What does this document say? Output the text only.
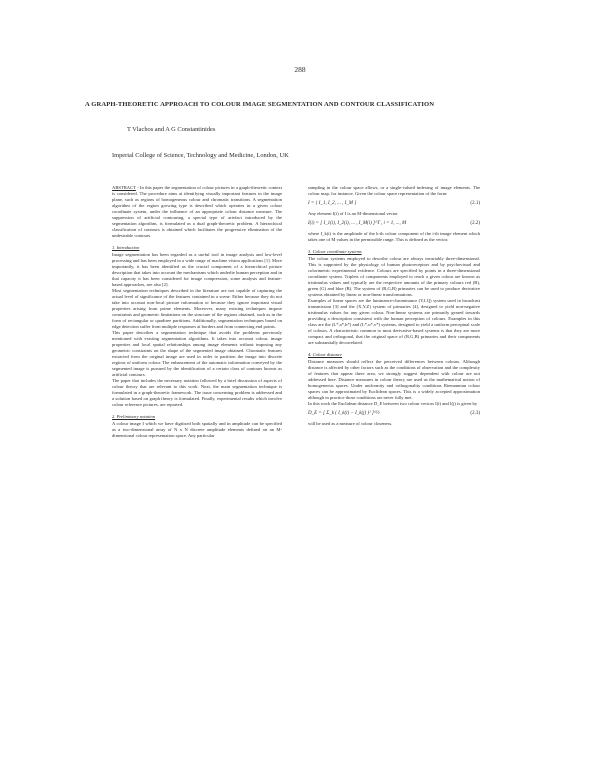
288
A GRAPH-THEORETIC APPROACH TO COLOUR IMAGE SEGMENTATION AND CONTOUR CLASSIFICATION
T Vlachos and A G Constantinides
Imperial College of Science, Technology and Medicine, London, UK

ABSTRACT - In this paper the segmentation of colour pictures in a graph-theoretic context is considered. The procedure aims at identifying visually important features in the image plane, such as regions of homogeneous colour and chromatic transitions. A segmentation algorithm of the region growing type is described which operates in a given colour coordinate system, under the influence of an appropriate colour distance measure. The suppression of artificial contouring, a special type of artefact introduced by the segmentation algorithm, is formulated as a dual graph-theoretic problem. A hierarchical classification of contours is obtained which facilitates the progressive elimination of the undesirable contours.

1. Introduction

Image segmentation has been regarded as a useful tool in image analysis and low-level processing and has been employed in a wide range of machine vision applications [1]. More importantly, it has been identified as the crucial component of a hierarchical picture description that takes into account the mechanisms which underlie human perception and in that capacity it has been considered for image compression, some analysis and feature-based approaches, see also [2].

Most segmentation techniques described in the literature are not capable of capturing the actual level of significance of the features contained in a scene. Either because they do not take into account non-local picture information or because they ignore important visual properties arising from prime elements. Moreover, many existing techniques impose constraints and geometric limitations on the structure of the regions obtained, such as in the form of rectangular or quadtree partitions. Additionally, segmentation techniques based on edge detection suffer from multiple responses at borders and from connecting end points.

This paper describes a segmentation technique that avoids the problems previously mentioned with existing segmentation algorithms. It takes into account colour, image properties and local spatial relationships among image elements without imposing any geometric constraints on the shape of the segmented image obtained. Chromatic features extracted from the original image are used in order to partition the image into discrete regions of uniform colour. The enhancement of the automatic information conveyed by the segmented image is pursued by the identification of a certain class of contours known as artificial contours.

The paper that includes the necessary notation followed by a brief discussion of aspects of colour theory that are relevant to this work. Next, the main segmentation technique is formulated in a graph-theoretic framework. The issue concerning problem is addressed and a solution based on graph theory is formulated. Finally, experimental results which involve colour reference pictures, are reported.

2. Preliminary notation

A colour image I which we have digitised both spatially and in amplitude can be specified as a two-dimensional array of N x N discrete amplitude elements defined on an M-dimensional colour representation space. Any particular

sampling in the colour space allows, or a single-valued indexing of image elements. The colour map, for instance. Given the colour space representation of the form:

I = { I_1, I_2, ... , I_M }	(2.1)

Any element I(i) of I is an M-dimensional vector

I(i) = [ I_1(i), I_2(i), ... , I_M(i) ]^T , i = 1, ..., M	(2.2)

where I_k(i) is the amplitude of the k-th colour component of the i-th image element which takes one of M values in the permissible range. This is defined as the vector.

3. Colour coordinate systems

The colour systems employed to describe colour are always invariably three-dimensional. This is supported by the physiology of human photoreceptors and by psychovisual and colorimetric experimental evidence. Colours are specified by points in a three-dimensional coordinate system. Triplets of components employed to reach a given colour are known as tristimulus values and typically are the respective amounts of the primary colours red (R), green (G) and blue (B). The system of (R,G,B) primaries can be used to produce derivative systems obtained by linear or non-linear transformations.

Examples of linear spaces are the luminance-chrominance (Y,I,Q) system used in broadcast transmission [3] and the (X,Y,Z) system of primaries [4], designed to yield non-negative tristimulus values for any given colour. Non-linear systems are primarily geared towards providing a description consistent with the human perception of colours. Examples in this class are the (L*,a*,b*) and (L*,u*,v*) systems, designed to yield a uniform perceptual scale of colours. A characteristic common to most derivative-based systems is that they are more compact and orthogonal, that the original space of (R,G,B) primaries and their components are substantially decorrelated.

4. Colour distance

Distance measures should reflect the perceived differences between colours. Although distance is affected by other factors such as the conditions of observation and the complexity of features that appear there area, we strongly suggest dependent with colour are not addressed here. Distance measures in colour theory are used as the mathematical notion of homogeneous spaces. Under uniformity and orthogonality conditions Riemannian colour spaces can be approximated by Euclidean spaces. This is a widely accepted approximation although in practice those conditions are never fully met.

In this work the Euclidean distance D_E between two colour vectors I(i) and I(j) is given by

D_E = [ Σ_k ( I_k(i) − I_k(j) )² ]^½	(2.3)

will be used as a measure of colour closeness.
